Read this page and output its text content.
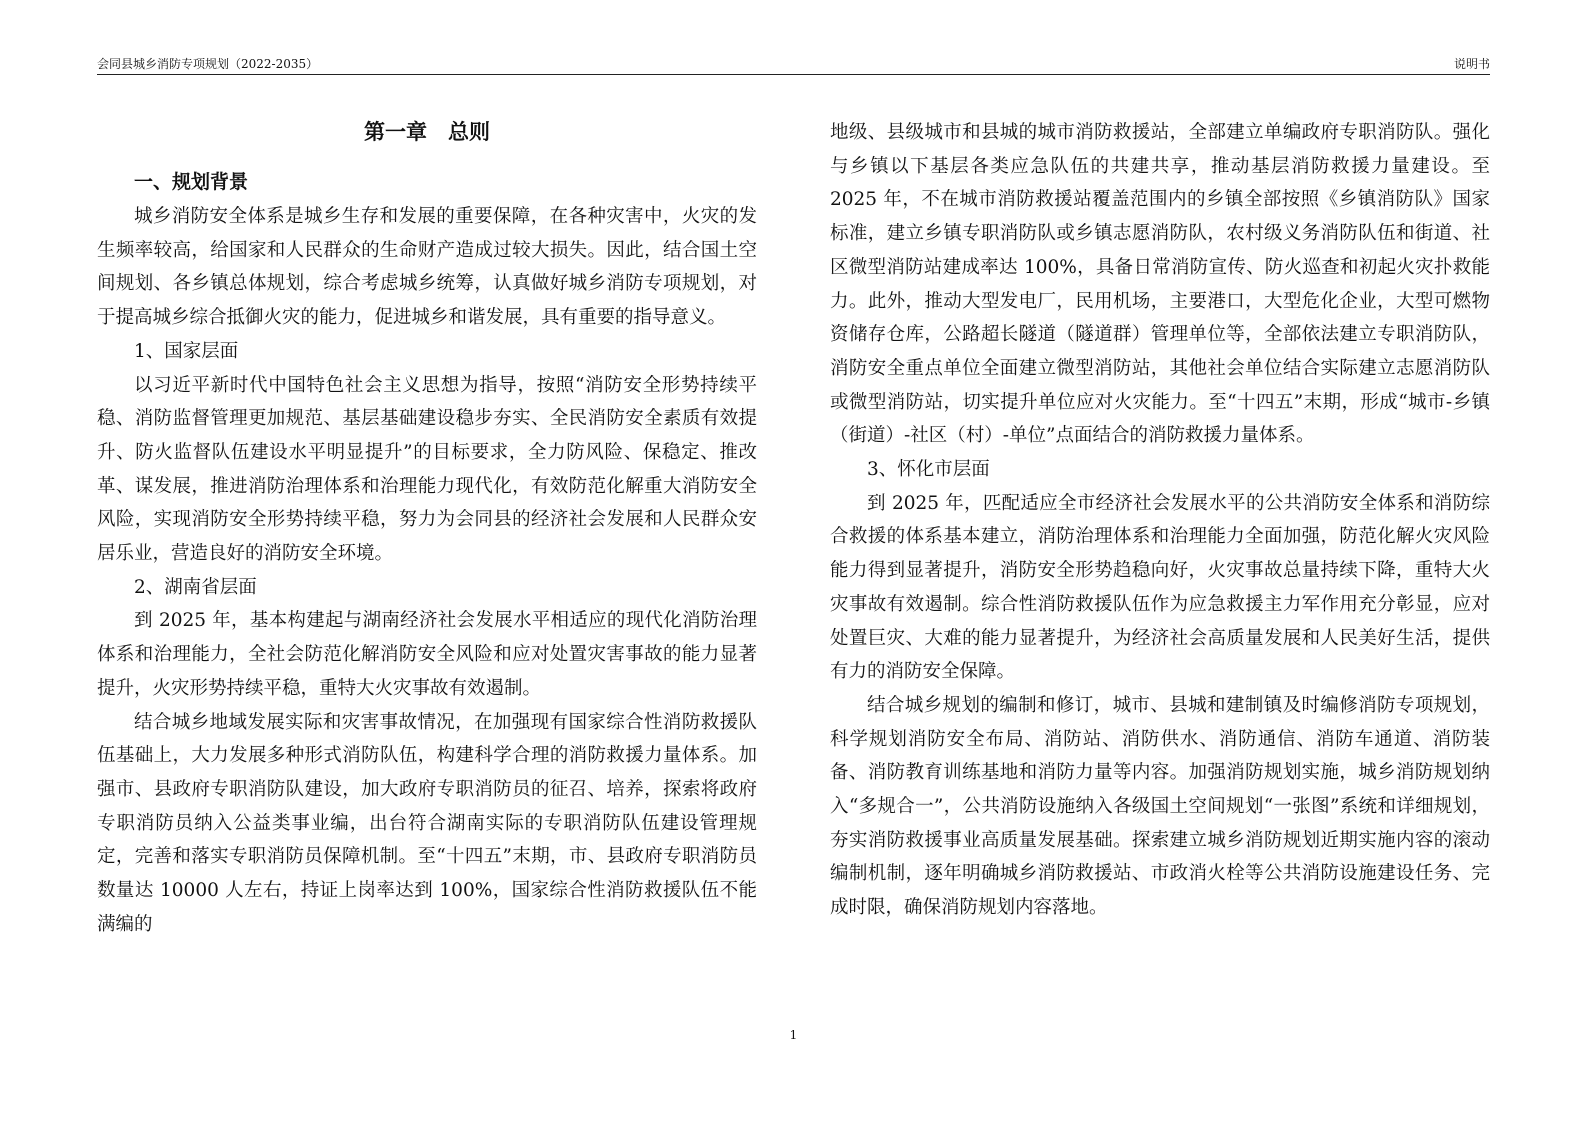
会同县城乡消防专项规划（2022-2035）	说明书
第一章　总则
一、规划背景

城乡消防安全体系是城乡生存和发展的重要保障，在各种灾害中，火灾的发生频率较高，给国家和人民群众的生命财产造成过较大损失。因此，结合国土空间规划、各乡镇总体规划，综合考虑城乡统筹，认真做好城乡消防专项规划，对于提高城乡综合抵御火灾的能力，促进城乡和谐发展，具有重要的指导意义。

1、国家层面

以习近平新时代中国特色社会主义思想为指导，按照“消防安全形势持续平稳、消防监督管理更加规范、基层基础建设稳步夯实、全民消防安全素质有效提升、防火监督队伍建设水平明显提升”的目标要求，全力防风险、保稳定、推改革、谋发展，推进消防治理体系和治理能力现代化，有效防范化解重大消防安全风险，实现消防安全形势持续平稳，努力为会同县的经济社会发展和人民群众安居乐业，营造良好的消防安全环境。

2、湖南省层面

到 2025 年，基本构建起与湖南经济社会发展水平相适应的现代化消防治理体系和治理能力，全社会防范化解消防安全风险和应对处置灾害事故的能力显著提升，火灾形势持续平稳，重特大火灾事故有效遏制。

结合城乡地域发展实际和灾害事故情况，在加强现有国家综合性消防救援队伍基础上，大力发展多种形式消防队伍，构建科学合理的消防救援力量体系。加强市、县政府专职消防队建设，加大政府专职消防员的征召、培养，探索将政府专职消防员纳入公益类事业编，出台符合湖南实际的专职消防队伍建设管理规定，完善和落实专职消防员保障机制。至“十四五”末期，市、县政府专职消防员数量达 10000 人左右，持证上岗率达到 100%，国家综合性消防救援队伍不能满编的

地级、县级城市和县城的城市消防救援站，全部建立单编政府专职消防队。强化与乡镇以下基层各类应急队伍的共建共享，推动基层消防救援力量建设。至 2025 年，不在城市消防救援站覆盖范围内的乡镇全部按照《乡镇消防队》国家标准，建立乡镇专职消防队或乡镇志愿消防队，农村级义务消防队伍和街道、社区微型消防站建成率达 100%，具备日常消防宣传、防火巡查和初起火灾扑救能力。此外，推动大型发电厂，民用机场，主要港口，大型危化企业，大型可燃物资储存仓库，公路超长隧道（隧道群）管理单位等，全部依法建立专职消防队，消防安全重点单位全面建立微型消防站，其他社会单位结合实际建立志愿消防队或微型消防站，切实提升单位应对火灾能力。至“十四五”末期，形成“城市-乡镇（街道）-社区（村）-单位”点面结合的消防救援力量体系。

3、怀化市层面

到 2025 年，匹配适应全市经济社会发展水平的公共消防安全体系和消防综合救援的体系基本建立，消防治理体系和治理能力全面加强，防范化解火灾风险能力得到显著提升，消防安全形势趋稳向好，火灾事故总量持续下降，重特大火灾事故有效遏制。综合性消防救援队伍作为应急救援主力军作用充分彰显，应对处置巨灾、大难的能力显著提升，为经济社会高质量发展和人民美好生活，提供有力的消防安全保障。

结合城乡规划的编制和修订，城市、县城和建制镇及时编修消防专项规划，科学规划消防安全布局、消防站、消防供水、消防通信、消防车通道、消防装备、消防教育训练基地和消防力量等内容。加强消防规划实施，城乡消防规划纳入“多规合一”，公共消防设施纳入各级国土空间规划“一张图”系统和详细规划，夯实消防救援事业高质量发展基础。探索建立城乡消防规划近期实施内容的滚动编制机制，逐年明确城乡消防救援站、市政消火栓等公共消防设施建设任务、完成时限，确保消防规划内容落地。

1
